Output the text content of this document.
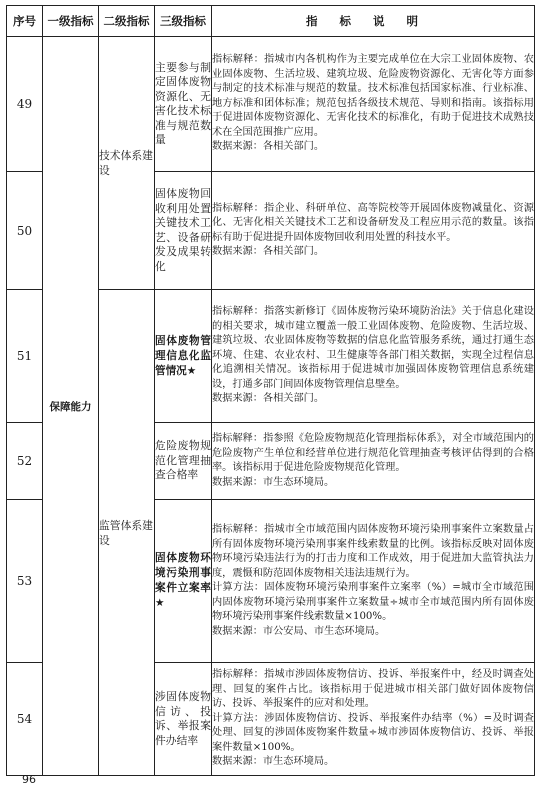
序号	一级指标	二级指标	三级指标	指标说明
49	保障能力	技术体系建设	主要参与制定固体废物资源化、无害化技术标准与规范数量	指标解释：指城市内各机构作为主要完成单位在大宗工业固体废物、农业固体废物、生活垃圾、建筑垃圾、危险废物资源化、无害化等方面参与制定的技术标准与规范的数量。技术标准包括国家标准、行业标准、地方标准和团体标准；规范包括各级技术规范、导则和指南。该指标用于促进固体废物资源化、无害化技术的标准化，有助于促进技术成熟技术在全国范围推广应用。

数据来源：各相关部门。

50			固体废物回收利用处置关键技术工艺、设备研发及成果转化	指标解释：指企业、科研单位、高等院校等开展固体废物减量化、资源化、无害化相关关键技术工艺和设备研发及工程应用示范的数量。该指标有助于促进提升固体废物回收利用处置的科技水平。

数据来源：各相关部门。

51		监管体系建设	固体废物管理信息化监管情况★	指标解释：指落实新修订《固体废物污染环境防治法》关于信息化建设的相关要求，城市建立覆盖一般工业固体废物、危险废物、生活垃圾、建筑垃圾、农业固体废物等数据的信息化监管服务系统，通过打通生态环境、住建、农业农村、卫生健康等各部门相关数据，实现全过程信息化追溯相关情况。该指标用于促进城市加强固体废物管理信息系统建设，打通多部门间固体废物管理信息壁垒。

数据来源：各相关部门。

52			危险废物规范化管理抽查合格率	指标解释：指参照《危险废物规范化管理指标体系》，对全市域范围内的危险废物产生单位和经营单位进行规范化管理抽查考核评估得到的合格率。该指标用于促进危险废物规范化管理。

数据来源：市生态环境局。

53			固体废物环境污染刑事案件立案率★	指标解释：指城市全市域范围内固体废物环境污染刑事案件立案数量占所有固体废物环境污染刑事案件线索数量的比例。该指标反映对固体废物环境污染违法行为的打击力度和工作成效，用于促进加大监管执法力度，震慑和防范固体废物相关违法违规行为。

计算方法：固体废物环境污染刑事案件立案率（%）=城市全市域范围内固体废物环境污染刑事案件立案数量÷城市全市域范围内所有固体废物环境污染刑事案件线索数量×100%。

数据来源：市公安局、市生态环境局。

54			涉固体废物信访、投诉、举报案件办结率	指标解释：指城市涉固体废物信访、投诉、举报案件中，经及时调查处理、回复的案件占比。该指标用于促进城市相关部门做好固体废物信访、投诉、举报案件的应对和处理。

计算方法：涉固体废物信访、投诉、举报案件办结率（%）=及时调查处理、回复的涉固体废物案件数量÷城市涉固体废物信访、投诉、举报案件数量×100%。

数据来源：市生态环境局。

96
